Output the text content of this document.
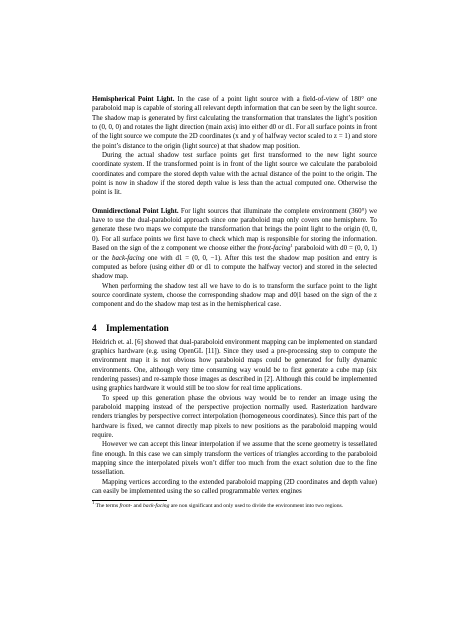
Hemispherical Point Light. In the case of a point light source with a field-of-view of 180° one paraboloid map is capable of storing all relevant depth information that can be seen by the light source. The shadow map is generated by first calculating the transformation that translates the light’s position to (0, 0, 0) and rotates the light direction (main axis) into either d0 or d1. For all surface points in front of the light source we compute the 2D coordinates (x and y of halfway vector scaled to z = 1) and store the point’s distance to the origin (light source) at that shadow map position.

During the actual shadow test surface points get first transformed to the new light source coordinate system. If the transformed point is in front of the light source we calculate the paraboloid coordinates and compare the stored depth value with the actual distance of the point to the origin. The point is now in shadow if the stored depth value is less than the actual computed one. Otherwise the point is lit.

Omnidirectional Point Light. For light sources that illuminate the complete environment (360°) we have to use the dual-paraboloid approach since one paraboloid map only covers one hemisphere. To generate these two maps we compute the transformation that brings the point light to the origin (0, 0, 0). For all surface points we first have to check which map is responsible for storing the information. Based on the sign of the z component we choose either the front-facing$^1$ paraboloid with d0 = (0, 0, 1) or the back-facing one with d1 = (0, 0, −1). After this test the shadow map position and entry is computed as before (using either d0 or d1 to compute the halfway vector) and stored in the selected shadow map.

When performing the shadow test all we have to do is to transform the surface point to the light source coordinate system, choose the corresponding shadow map and d0|1 based on the sign of the z component and do the shadow map test as in the hemispherical case.

4 Implementation

Heidrich et. al. [6] showed that dual-paraboloid environment mapping can be implemented on standard graphics hardware (e.g. using OpenGL [11]). Since they used a pre-processing step to compute the environment map it is not obvious how paraboloid maps could be generated for fully dynamic environments. One, although very time consuming way would be to first generate a cube map (six rendering passes) and re-sample those images as described in [2]. Although this could be implemented using graphics hardware it would still be too slow for real time applications.

To speed up this generation phase the obvious way would be to render an image using the paraboloid mapping instead of the perspective projection normally used. Rasterization hardware renders triangles by perspective correct interpolation (homogeneous coordinates). Since this part of the hardware is fixed, we cannot directly map pixels to new positions as the paraboloid mapping would require.

However we can accept this linear interpolation if we assume that the scene geometry is tessellated fine enough. In this case we can simply transform the vertices of triangles according to the paraboloid mapping since the interpolated pixels won’t differ too much from the exact solution due to the fine tessellation.

Mapping vertices according to the extended paraboloid mapping (2D coordinates and depth value) can easily be implemented using the so called programmable vertex engines

$^1$ The terms front- and back-facing are non significant and only used to divide the environment into two regions.
